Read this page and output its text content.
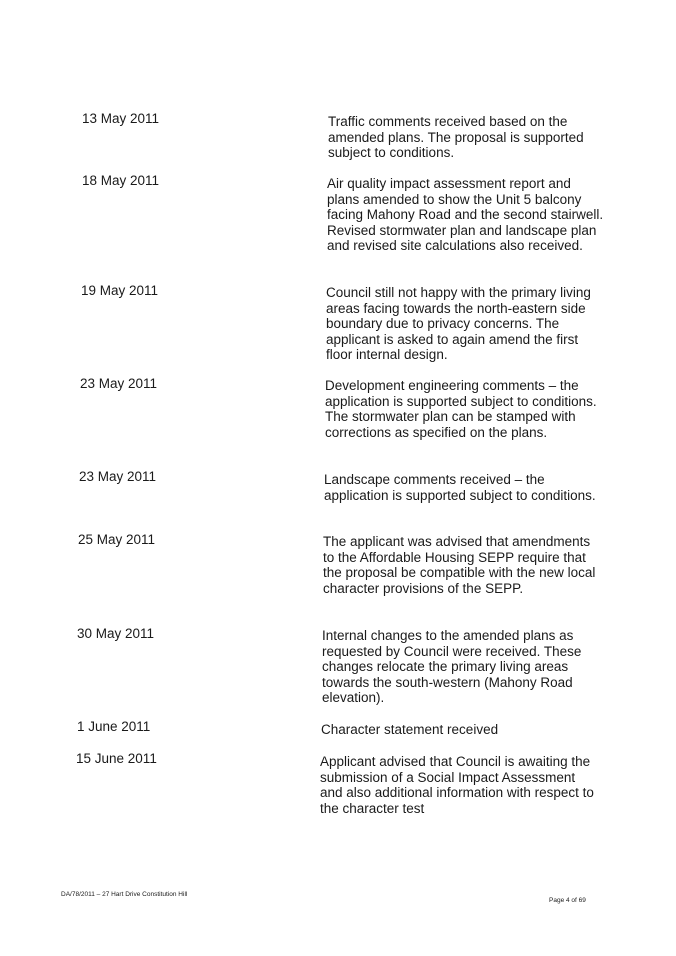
13 May 2011	Traffic comments received based on the amended plans. The proposal is supported subject to conditions.
18 May 2011	Air quality impact assessment report and plans amended to show the Unit 5 balcony facing Mahony Road and the second stairwell. Revised stormwater plan and landscape plan and revised site calculations also received.
19 May 2011	Council still not happy with the primary living areas facing towards the north-eastern side boundary due to privacy concerns. The applicant is asked to again amend the first floor internal design.
23 May 2011	Development engineering comments – the application is supported subject to conditions. The stormwater plan can be stamped with corrections as specified on the plans.
23 May 2011	Landscape comments received – the application is supported subject to conditions.
25 May 2011	The applicant was advised that amendments to the Affordable Housing SEPP require that the proposal be compatible with the new local character provisions of the SEPP.
30 May 2011	Internal changes to the amended plans as requested by Council were received. These changes relocate the primary living areas towards the south-western (Mahony Road elevation).
1 June 2011	Character statement received
15 June 2011	Applicant advised that Council is awaiting the submission of a Social Impact Assessment and also additional information with respect to the character test
DA/78/2011 – 27 Hart Drive Constitution Hill
Page 4 of 69
